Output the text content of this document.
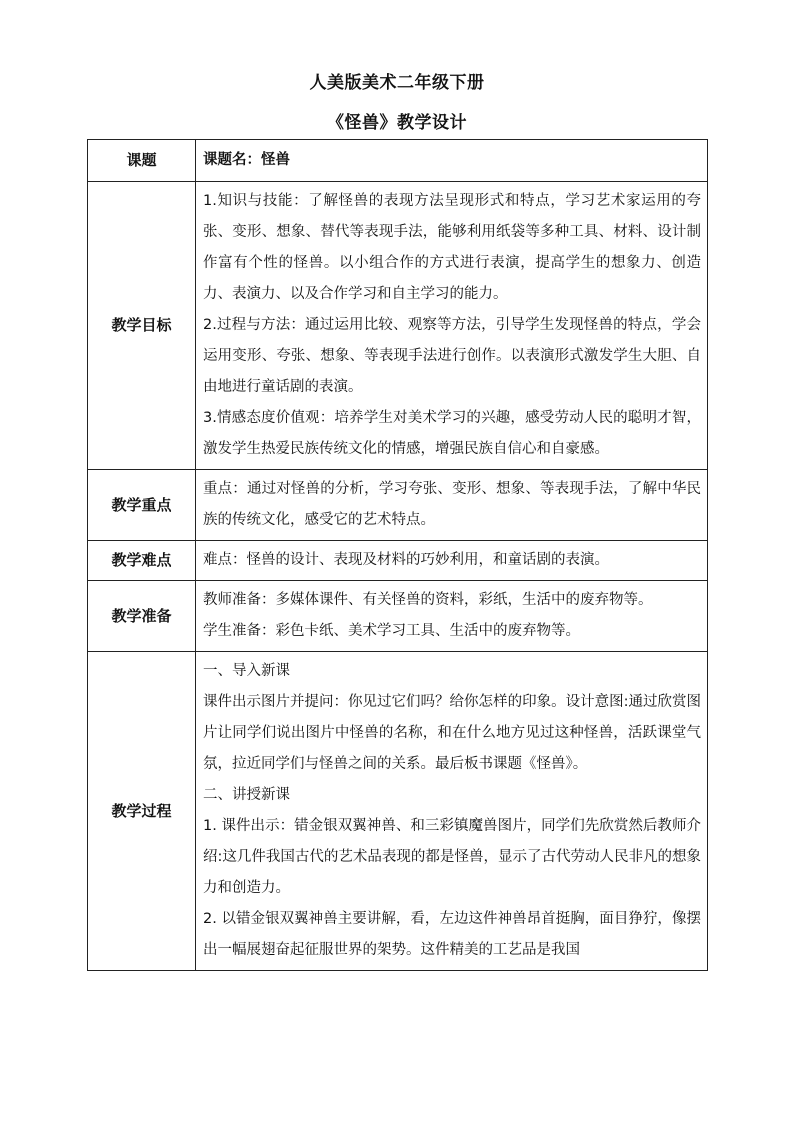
人美版美术二年级下册
《怪兽》教学设计
课题	课题名：怪兽
教学目标	1.知识与技能：了解怪兽的表现方法呈现形式和特点，学习艺术家运用的夸张、变形、想象、替代等表现手法，能够利用纸袋等多种工具、材料、设计制作富有个性的怪兽。以小组合作的方式进行表演，提高学生的想象力、创造力、表演力、以及合作学习和自主学习的能力。

2.过程与方法：通过运用比较、观察等方法，引导学生发现怪兽的特点，学会运用变形、夸张、想象、等表现手法进行创作。以表演形式激发学生大胆、自由地进行童话剧的表演。

3.情感态度价值观：培养学生对美术学习的兴趣，感受劳动人民的聪明才智，激发学生热爱民族传统文化的情感，增强民族自信心和自豪感。

教学重点	重点：通过对怪兽的分析，学习夸张、变形、想象、等表现手法，了解中华民族的传统文化，感受它的艺术特点。

教学难点	难点：怪兽的设计、表现及材料的巧妙利用，和童话剧的表演。

教学准备	教师准备：多媒体课件、有关怪兽的资料，彩纸，生活中的废弃物等。

学生准备：彩色卡纸、美术学习工具、生活中的废弃物等。

教学过程	一、导入新课

课件出示图片并提问：你见过它们吗？给你怎样的印象。设计意图:通过欣赏图片让同学们说出图片中怪兽的名称，和在什么地方见过这种怪兽，活跃课堂气氛，拉近同学们与怪兽之间的关系。最后板书课题《怪兽》。

二、讲授新课

1. 课件出示：错金银双翼神兽、和三彩镇魔兽图片，同学们先欣赏然后教师介绍:这几件我国古代的艺术品表现的都是怪兽，显示了古代劳动人民非凡的想象力和创造力。

2. 以错金银双翼神兽主要讲解，看，左边这件神兽昂首挺胸，面目狰狞，像摆出一幅展翅奋起征服世界的架势。这件精美的工艺品是我国
